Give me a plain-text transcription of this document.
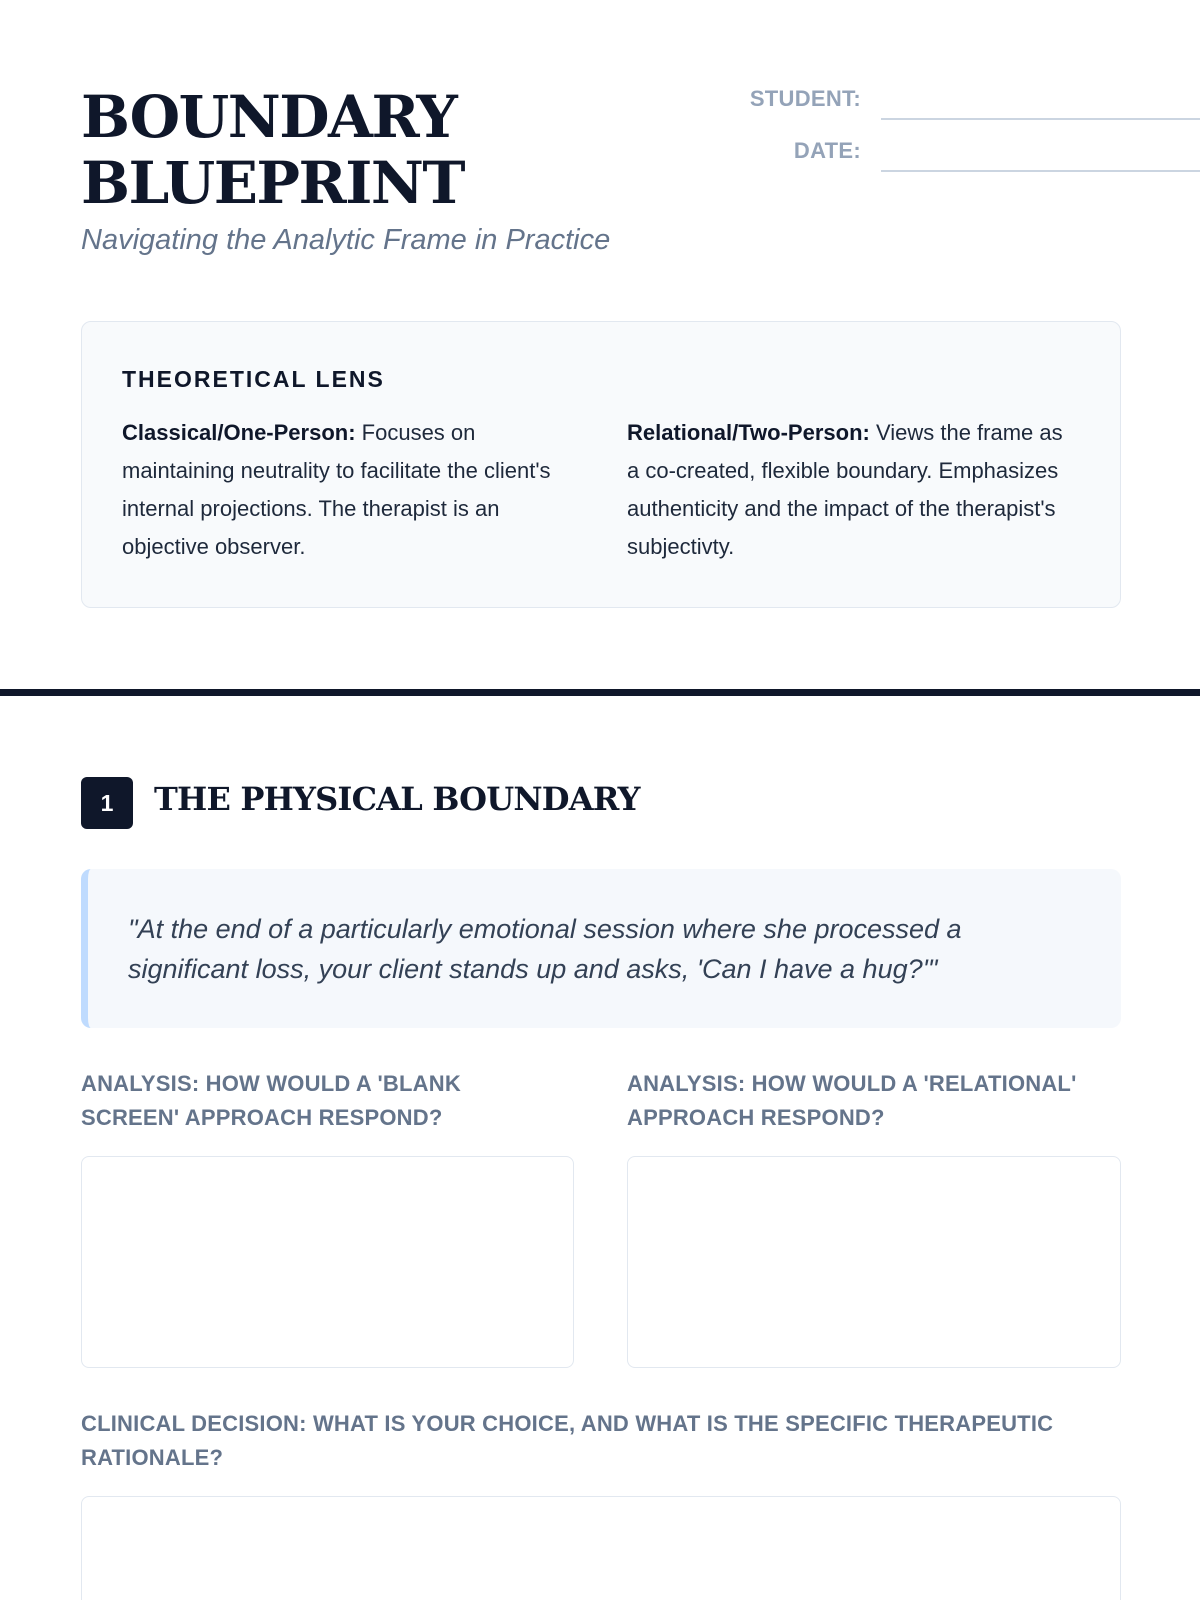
BOUNDARY
BLUEPRINT
Navigating the Analytic Frame in Practice
STUDENT:
DATE:
THEORETICAL LENS

Classical/One-Person: Focuses on maintaining neutrality to facilitate the client's internal projections. The therapist is an objective observer.

Relational/Two-Person: Views the frame as a co-created, flexible boundary. Emphasizes authenticity and the impact of the therapist's subjectivty.

1	THE PHYSICAL BOUNDARY

"At the end of a particularly emotional session where she processed a significant loss, your client stands up and asks, 'Can I have a hug?'"

ANALYSIS: HOW WOULD A 'BLANK SCREEN' APPROACH RESPOND?
ANALYSIS: HOW WOULD A 'RELATIONAL' APPROACH RESPOND?
CLINICAL DECISION: WHAT IS YOUR CHOICE, AND WHAT IS THE SPECIFIC THERAPEUTIC RATIONALE?
